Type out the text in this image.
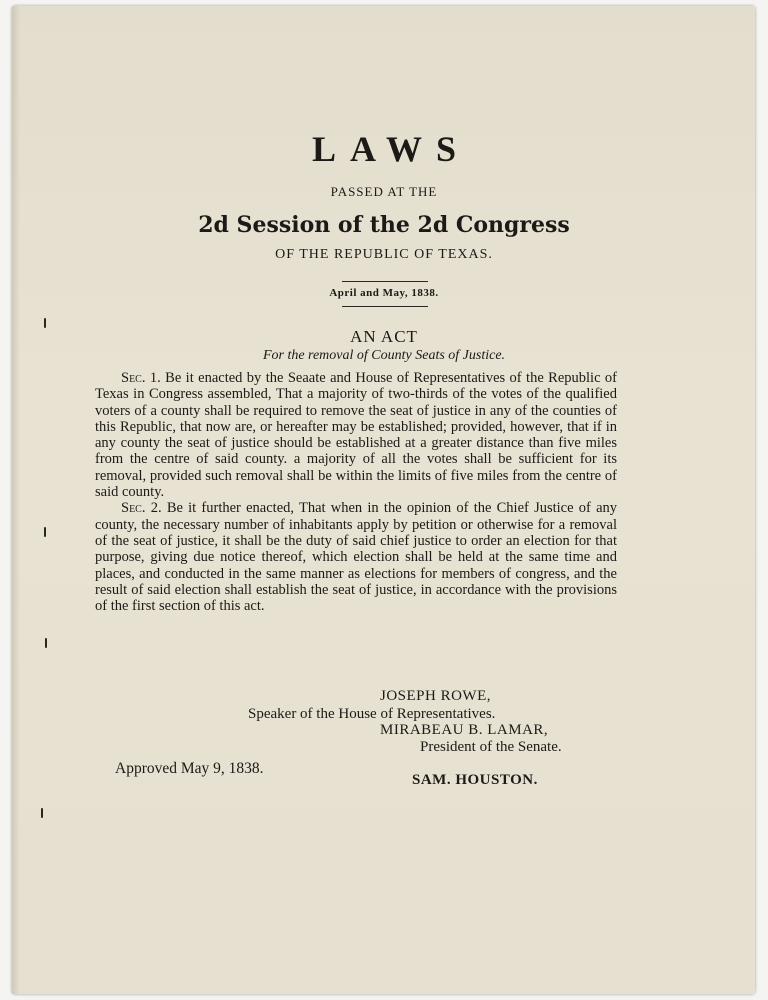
LAWS
PASSED AT THE
2d Session of the 2d Congress
OF THE REPUBLIC OF TEXAS.
April and May, 1838.
AN ACT
For the removal of County Seats of Justice.

Sec. 1. Be it enacted by the Seaate and House of Representatives of the Republic of Texas in Congress assembled, That a majority of two-thirds of the votes of the qualified voters of a county shall be required to remove the seat of justice in any of the counties of this Republic, that now are, or hereafter may be established; provided, however, that if in any county the seat of justice should be established at a greater distance than five miles from the centre of said county. a majority of all the votes shall be sufficient for its removal, provided such removal shall be within the limits of five miles from the centre of said county.

Sec. 2. Be it further enacted, That when in the opinion of the Chief Justice of any county, the necessary number of inhabitants apply by petition or otherwise for a removal of the seat of justice, it shall be the duty of said chief justice to order an election for that purpose, giving due notice thereof, which election shall be held at the same time and places, and conducted in the same manner as elections for members of congress, and the result of said election shall establish the seat of justice, in accordance with the provisions of the first section of this act.

JOSEPH ROWE,
Speaker of the House of Representatives.
MIRABEAU B. LAMAR,
President of the Senate.
Approved May 9, 1838.
SAM. HOUSTON.
